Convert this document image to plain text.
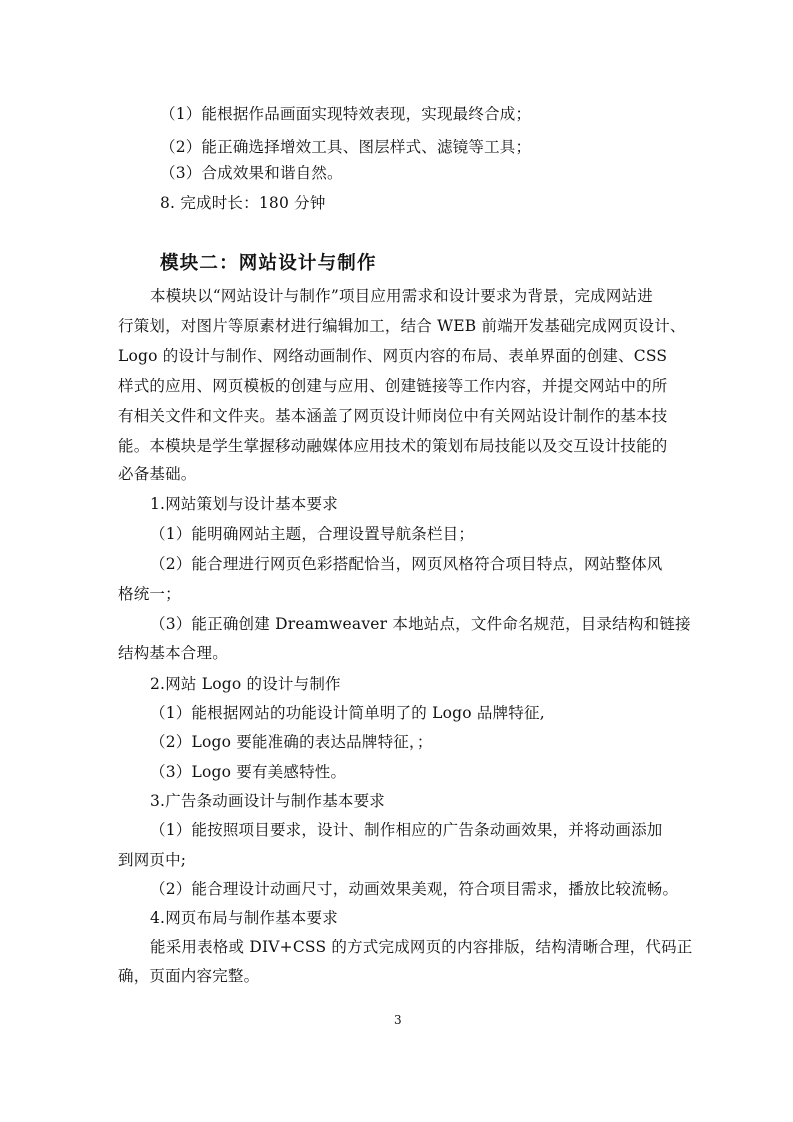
（1）能根据作品画面实现特效表现，实现最终合成；
（2）能正确选择增效工具、图层样式、滤镜等工具；
（3）合成效果和谐自然。
8. 完成时长：180 分钟
模块二：网站设计与制作
本模块以“网站设计与制作”项目应用需求和设计要求为背景，完成网站进
行策划，对图片等原素材进行编辑加工，结合 WEB 前端开发基础完成网页设计、
Logo 的设计与制作、网络动画制作、网页内容的布局、表单界面的创建、CSS
样式的应用、网页模板的创建与应用、创建链接等工作内容，并提交网站中的所
有相关文件和文件夹。基本涵盖了网页设计师岗位中有关网站设计制作的基本技
能。本模块是学生掌握移动融媒体应用技术的策划布局技能以及交互设计技能的
必备基础。
1.网站策划与设计基本要求
（1）能明确网站主题，合理设置导航条栏目；
（2）能合理进行网页色彩搭配恰当，网页风格符合项目特点，网站整体风
格统一；
（3）能正确创建 Dreamweaver 本地站点，文件命名规范，目录结构和链接
结构基本合理。
2.网站 Logo 的设计与制作
（1）能根据网站的功能设计简单明了的 Logo 品牌特征,
（2）Logo 要能准确的表达品牌特征，；
（3）Logo 要有美感特性。
3.广告条动画设计与制作基本要求
（1）能按照项目要求，设计、制作相应的广告条动画效果，并将动画添加
到网页中;
（2）能合理设计动画尺寸，动画效果美观，符合项目需求，播放比较流畅。
4.网页布局与制作基本要求
能采用表格或 DIV+CSS 的方式完成网页的内容排版，结构清晰合理，代码正
确，页面内容完整。
3
